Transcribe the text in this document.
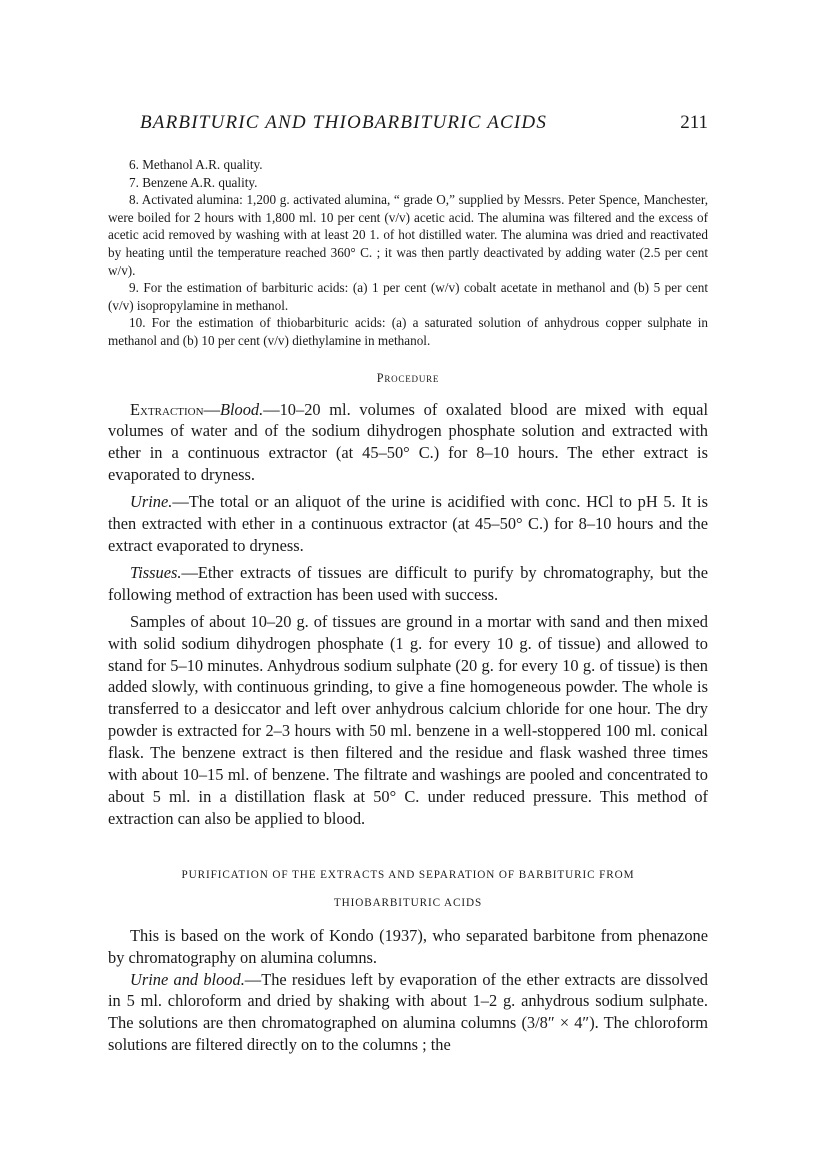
BARBITURIC AND THIOBARBITURIC ACIDS	211

6. Methanol A.R. quality.

7. Benzene A.R. quality.

8. Activated alumina: 1,200 g. activated alumina, “ grade O,” supplied by Messrs. Peter Spence, Manchester, were boiled for 2 hours with 1,800 ml. 10 per cent (v/v) acetic acid. The alumina was filtered and the excess of acetic acid removed by washing with at least 20 1. of hot distilled water. The alumina was dried and reactivated by heating until the temperature reached 360° C. ; it was then partly deactivated by adding water (2.5 per cent w/v).

9. For the estimation of barbituric acids: (a) 1 per cent (w/v) cobalt acetate in methanol and (b) 5 per cent (v/v) isopropylamine in methanol.

10. For the estimation of thiobarbituric acids: (a) a saturated solution of anhydrous copper sulphate in methanol and (b) 10 per cent (v/v) diethylamine in methanol.

Procedure

Extraction—Blood.—10–20 ml. volumes of oxalated blood are mixed with equal volumes of water and of the sodium dihydrogen phosphate solution and extracted with ether in a continuous extractor (at 45–50° C.) for 8–10 hours. The ether extract is evaporated to dryness.

Urine.—The total or an aliquot of the urine is acidified with conc. HCl to pH 5. It is then extracted with ether in a continuous extractor (at 45–50° C.) for 8–10 hours and the extract evaporated to dryness.

Tissues.—Ether extracts of tissues are difficult to purify by chromatography, but the following method of extraction has been used with success.

Samples of about 10–20 g. of tissues are ground in a mortar with sand and then mixed with solid sodium dihydrogen phosphate (1 g. for every 10 g. of tissue) and allowed to stand for 5–10 minutes. Anhydrous sodium sulphate (20 g. for every 10 g. of tissue) is then added slowly, with continuous grinding, to give a fine homogeneous powder. The whole is transferred to a desiccator and left over anhydrous calcium chloride for one hour. The dry powder is extracted for 2–3 hours with 50 ml. benzene in a well-stoppered 100 ml. conical flask. The benzene extract is then filtered and the residue and flask washed three times with about 10–15 ml. of benzene. The filtrate and washings are pooled and concentrated to about 5 ml. in a distillation flask at 50° C. under reduced pressure. This method of extraction can also be applied to blood.

PURIFICATION OF THE EXTRACTS AND SEPARATION OF BARBITURIC FROM
THIOBARBITURIC ACIDS

This is based on the work of Kondo (1937), who separated barbitone from phenazone by chromatography on alumina columns.

Urine and blood.—The residues left by evaporation of the ether extracts are dissolved in 5 ml. chloroform and dried by shaking with about 1–2 g. anhydrous sodium sulphate. The solutions are then chromatographed on alumina columns (3/8″ × 4″). The chloroform solutions are filtered directly on to the columns ; the
